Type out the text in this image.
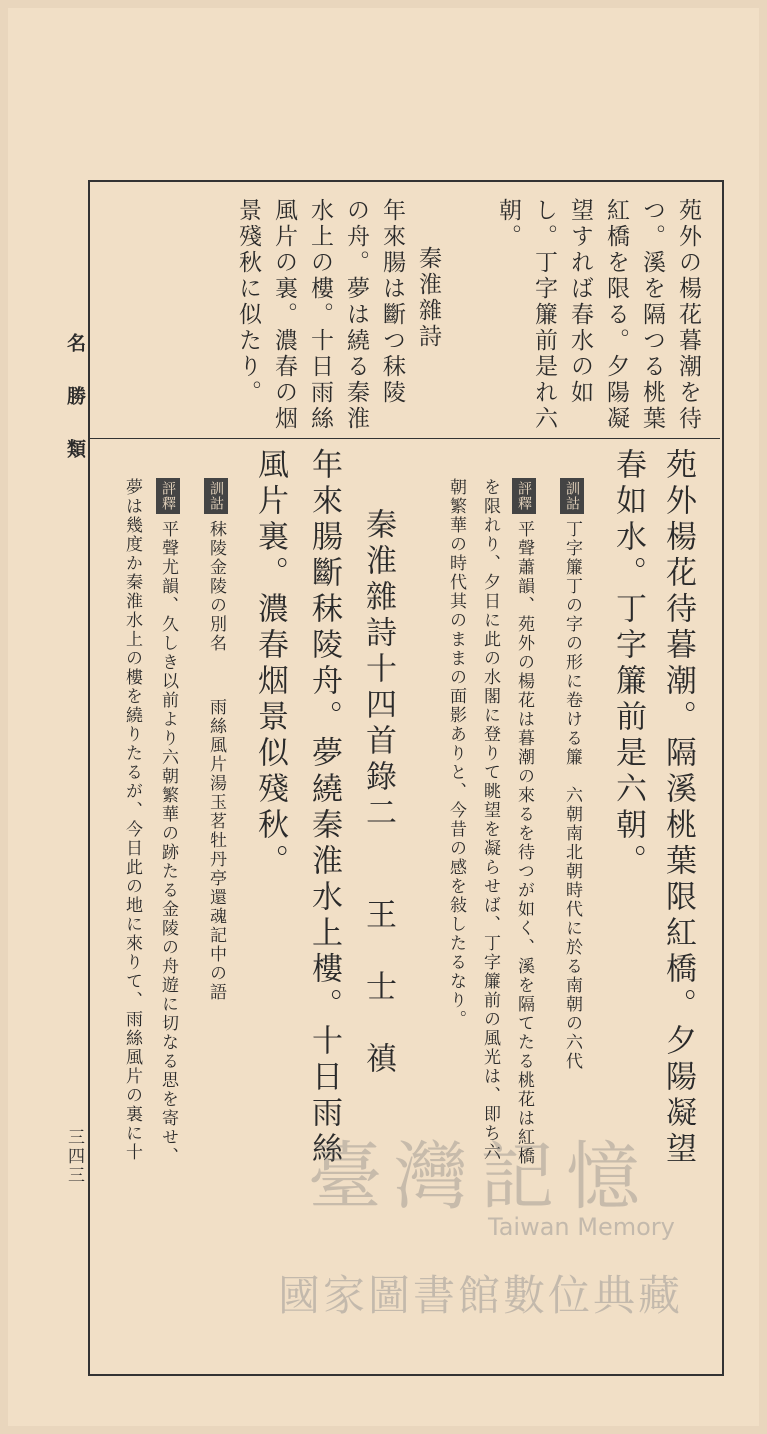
名勝類
三四三
苑外の楊花暮潮を待
つ。溪を隔つる桃葉
紅橋を限る。夕陽凝
望すれば春水の如
し。丁字簾前是れ六
朝。
秦淮雜詩
年來腸は斷つ秣陵
の舟。夢は繞る秦淮
水上の樓。十日雨絲
風片の裏。濃春の烟
景殘秋に似たり。
苑外楊花待暮潮。隔溪桃葉限紅橋。夕陽凝望
春如水。丁字簾前是六朝。
訓詁丁字簾丁の字の形に卷ける簾　六朝南北朝時代に於る南朝の六代
評釋平聲蕭韻、苑外の楊花は暮潮の來るを待つが如く、溪を隔てたる桃花は紅橋
を限れり、夕日に此の水閣に登りて眺望を凝らせば、丁字簾前の風光は、即ち六
朝繁華の時代其のままの面影ありと、今昔の感を敍したるなり。
秦淮雜詩十四首錄二
王　士　禛
年來腸斷秣陵舟。夢繞秦淮水上樓。十日雨絲
風片裏。濃春烟景似殘秋。
訓詁秣陵金陵の別名
雨絲風片湯玉茗牡丹亭還魂記中の語
評釋平聲尤韻、久しき以前より六朝繁華の跡たる金陵の舟遊に切なる思を寄せ、
夢は幾度か秦淮水上の樓を繞りたるが、今日此の地に來りて、雨絲風片の裏に十
臺灣記憶
Taiwan Memory
國家圖書館數位典藏
